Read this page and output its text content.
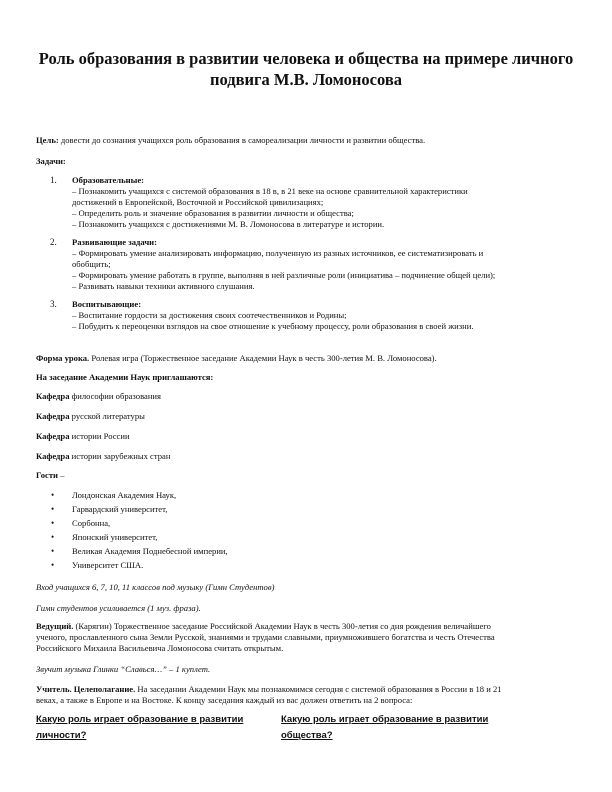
Роль образования в развитии человека и общества на примере личного
подвига М.В. Ломоносова
Цель: довести до сознания учащихся роль образования в самореализации личности и развитии общества.
Задачи:
1. Образовательные:
– Познакомить учащихся с системой образования в 18 в, в 21 веке на основе сравнительной характеристики
достижений в Европейской, Восточной и Российской цивилизациях;
– Определить роль и значение образования в развитии личности и общества;
– Познакомить учащихся с достижениями М. В. Ломоносова в литературе и истории.
2. Развивающие задачи:
– Формировать умение анализировать информацию, полученную из разных источников, ее систематизировать и
обобщить;
– Формировать умение работать в группе, выполняя в ней различные роли (инициатива – подчинение общей цели);
– Развивать навыки техники активного слушания.
3. Воспитывающие:
– Воспитание гордости за достижения своих соотечественников и Родины;
– Побудить к переоценки взглядов на свое отношение к учебному процессу, роли образования в своей жизни.
Форма урока. Ролевая игра (Торжественное заседание Академии Наук в честь 300-летия М. В. Ломоносова).
На заседание Академии Наук приглашаются:
Кафедра философии образования
Кафедра русской литературы
Кафедра истории России
Кафедра истории зарубежных стран
Гости –
• Лондонская Академия Наук,
• Гарвардский университет,
• Сорбонна,
• Японский университет,
• Великая Академия Поднебесной империи,
• Университет США.
Вход учащихся 6, 7, 10, 11 классов под музыку (Гимн Студентов)
Гимн студентов усиливается (1 муз. фраза).
Ведущий. (Карягин) Торжественное заседание Российской Академии Наук в честь 300-летия со дня рождения величайшего
ученого, прославленного сына Земли Русской, знаниями и трудами славными, приумножившего богатства и честь Отечества
Российского Михаила Васильевича Ломоносова считать открытым.
Звучит музыка Глинки “Славься…” – 1 куплет.
Учитель. Целеполагание. На заседании Академии Наук мы познакомимся сегодня с системой образования в России в 18 и 21
веках, а также в Европе и на Востоке. К концу заседания каждый из вас должен ответить на 2 вопроса:
Какую роль играет образование в развитии
личности?
Какую роль играет образование в развитии
общества?
